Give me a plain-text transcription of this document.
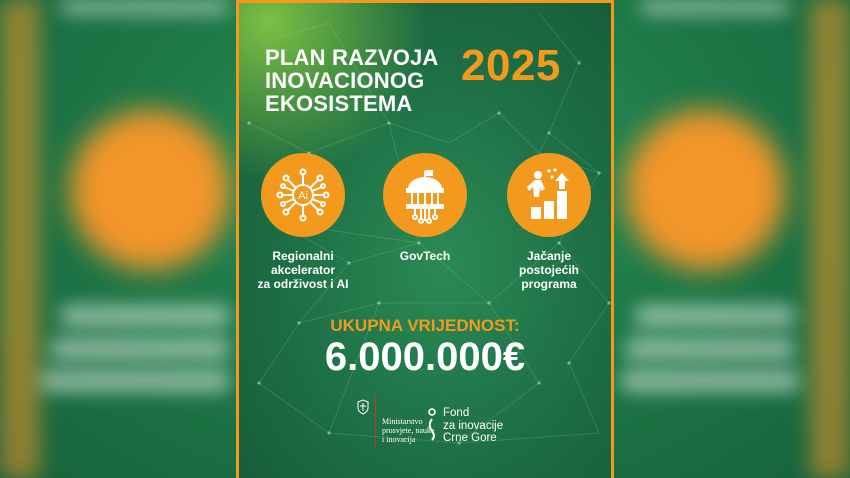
PLAN RAZVOJA
INOVACIONOG
EKOSISTEMA
2025
Ai
Regionalni
akcelerator
za održivost i AI
GovTech	Jačanje
postojećih
programa
UKUPNA VRIJEDNOST:
6.000.000€
Ministarstvo
prosvjete, nauke
i inovacija
Fond
za inovacije
Crne Gore
